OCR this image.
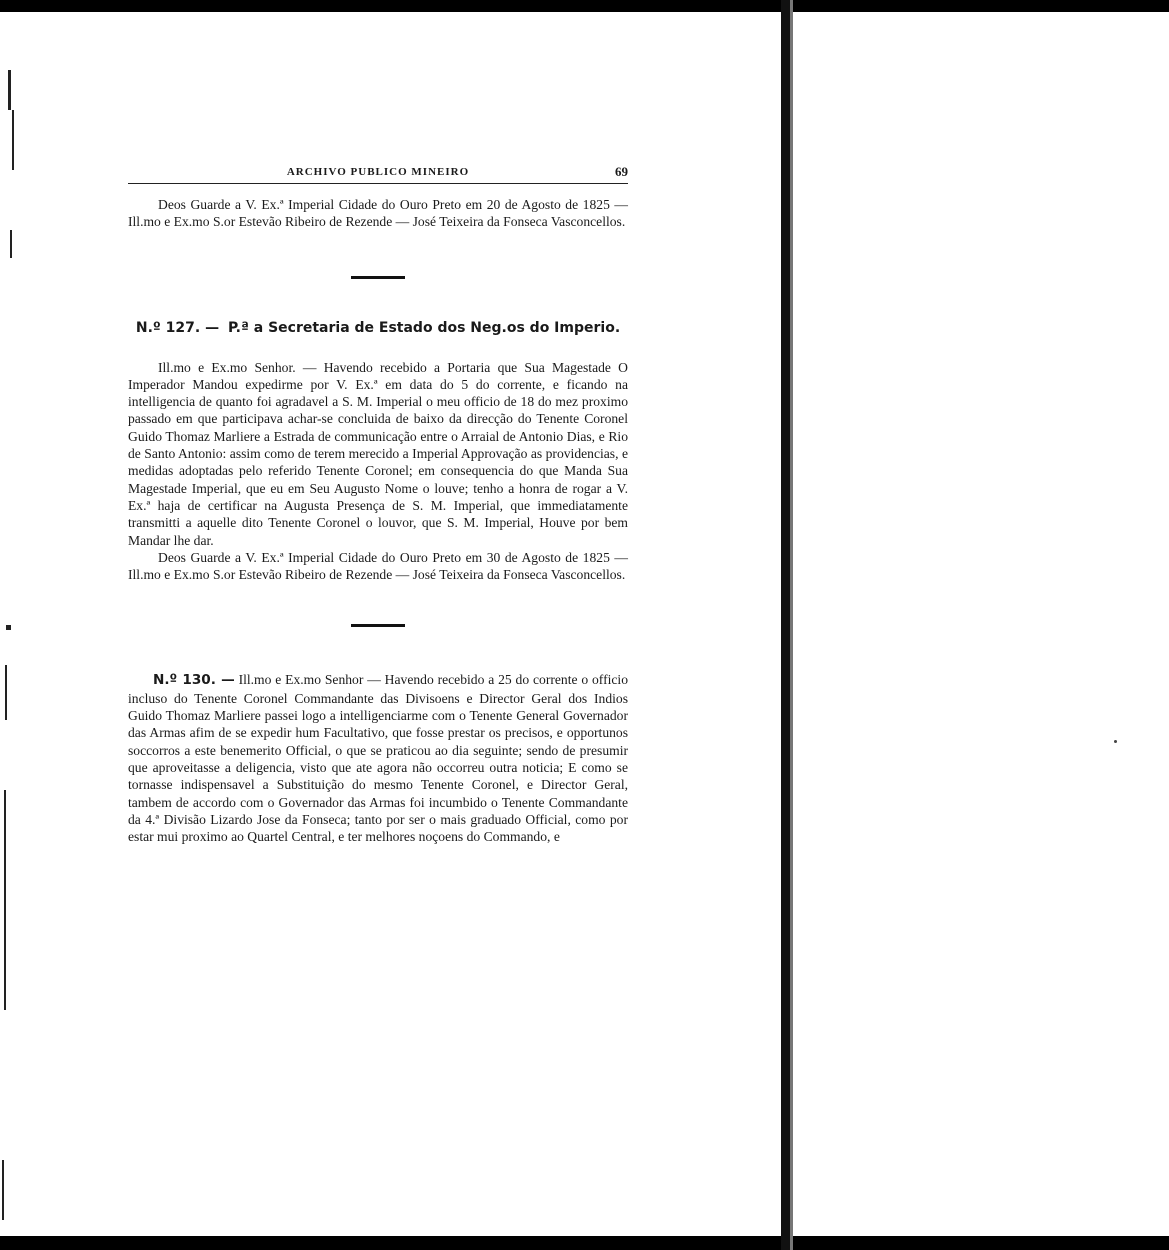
ARCHIVO PUBLICO MINEIRO	69

Deos Guarde a V. Ex.ª Imperial Cidade do Ouro Preto em 20 de Agosto de 1825 — Ill.mo e Ex.mo S.or Estevão Ribeiro de Rezende — José Teixeira da Fonseca Vasconcellos.

N.º 127. — P.ª a Secretaria de Estado dos Neg.os do Imperio.

Ill.mo e Ex.mo Senhor. — Havendo recebido a Portaria que Sua Magestade O Imperador Mandou expedirme por V. Ex.ª em data do 5 do corrente, e ficando na intelligencia de quanto foi agradavel a S. M. Imperial o meu officio de 18 do mez proximo passado em que participava achar-se concluida de baixo da direcção do Tenente Coronel Guido Thomaz Marliere a Estrada de communicação entre o Arraial de Antonio Dias, e Rio de Santo Antonio: assim como de terem merecido a Imperial Approvação as providencias, e medidas adoptadas pelo referido Tenente Coronel; em consequencia do que Manda Sua Magestade Imperial, que eu em Seu Augusto Nome o louve; tenho a honra de rogar a V. Ex.ª haja de certificar na Augusta Presença de S. M. Imperial, que immediatamente transmitti a aquelle dito Tenente Coronel o louvor, que S. M. Imperial, Houve por bem Mandar lhe dar.

Deos Guarde a V. Ex.ª Imperial Cidade do Ouro Preto em 30 de Agosto de 1825 — Ill.mo e Ex.mo S.or Estevão Ribeiro de Rezende — José Teixeira da Fonseca Vasconcellos.

N.º 130. — Ill.mo e Ex.mo Senhor — Havendo recebido a 25 do corrente o officio incluso do Tenente Coronel Commandante das Divisoens e Director Geral dos Indios Guido Thomaz Marliere passei logo a intelligenciarme com o Tenente General Governador das Armas afim de se expedir hum Facultativo, que fosse prestar os precisos, e opportunos soccorros a este benemerito Official, o que se praticou ao dia seguinte; sendo de presumir que aproveitasse a deligencia, visto que ate agora não occorreu outra noticia; E como se tornasse indispensavel a Substituição do mesmo Tenente Coronel, e Director Geral, tambem de accordo com o Governador das Armas foi incumbido o Tenente Commandante da 4.ª Divisão Lizardo Jose da Fonseca; tanto por ser o mais graduado Official, como por estar mui proximo ao Quartel Central, e ter melhores noçoens do Commando, e
